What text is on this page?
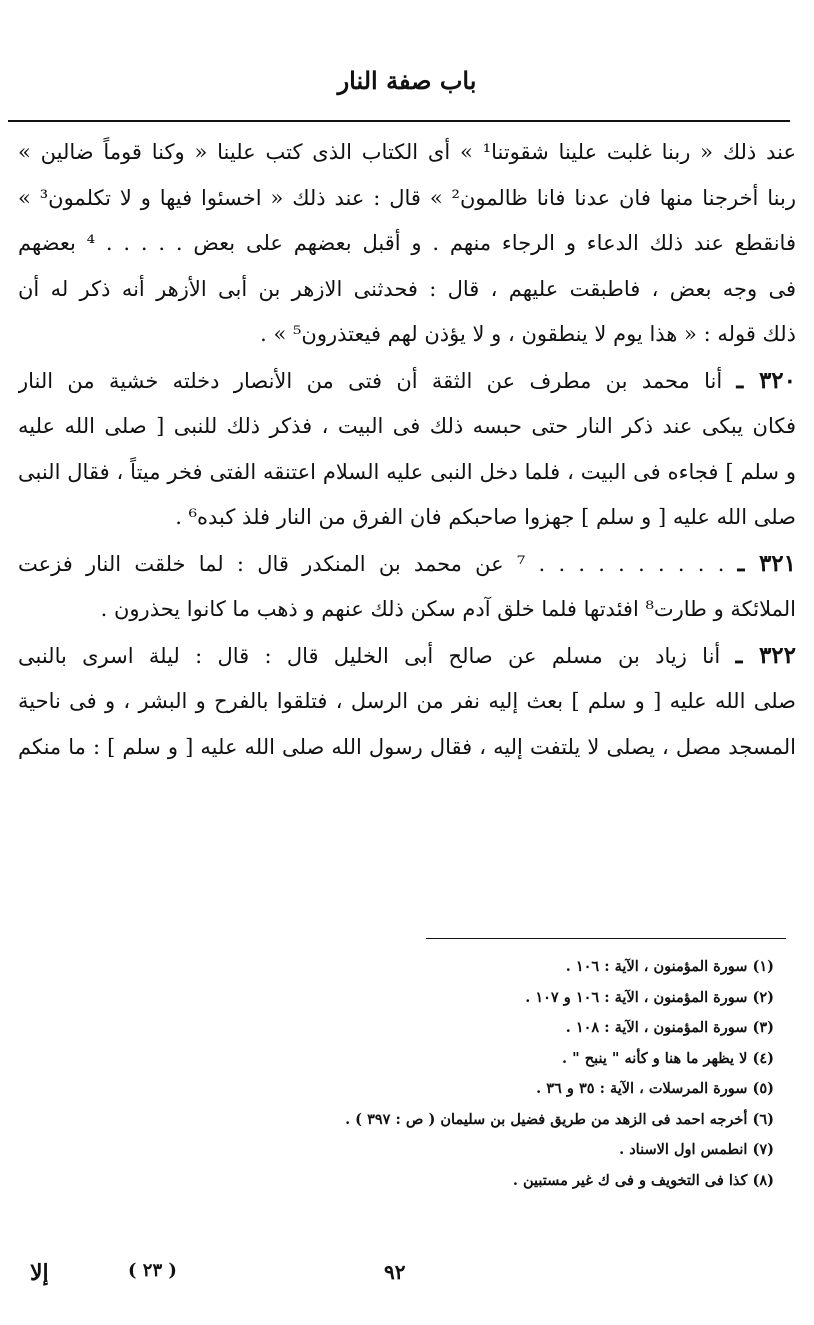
باب صفة النار
عند ذلك « ربنا غلبت علينا شقوتنا¹ » أى الكتاب الذى كتب علينا « وكنا قوماً ضالين »
ربنا أخرجنا منها فان عدنا فانا ظالمون² » قال : عند ذلك « اخسئوا فيها و لا تكلمون³ »
فانقطع عند ذلك الدعاء و الرجاء منهم . و أقبل بعضهم على بعض . . . . . ⁴ بعضهم
فى وجه بعض ، فاطبقت عليهم ، قال : فحدثنى الازهر بن أبى الأزهر أنه ذكر له أن
ذلك قوله : « هذا يوم لا ينطقون ، و لا يؤذن لهم فيعتذرون⁵ » .
٣٢٠ ـ أنا محمد بن مطرف عن الثقة أن فتى من الأنصار دخلته خشية من النار
فكان يبكى عند ذكر النار حتى حبسه ذلك فى البيت ، فذكر ذلك للنبى [ صلى الله عليه
و سلم ] فجاءه فى البيت ، فلما دخل النبى عليه السلام اعتنقه الفتى فخر ميتاً ، فقال النبى
صلى الله عليه [ و سلم ] جهزوا صاحبكم فان الفرق من النار فلذ كبده⁶ .
٣٢١ ـ . . . . . . . . . . ⁷ عن محمد بن المنكدر قال : لما خلقت النار فزعت
الملائكة و طارت⁸ افئدتها فلما خلق آدم سكن ذلك عنهم و ذهب ما كانوا يحذرون .
٣٢٢ ـ أنا زياد بن مسلم عن صالح أبى الخليل قال : قال : ليلة اسرى بالنبى
صلى الله عليه [ و سلم ] بعث إليه نفر من الرسل ، فتلقوا بالفرح و البشر ، و فى ناحية
المسجد مصل ، يصلى لا يلتفت إليه ، فقال رسول الله صلى الله عليه [ و سلم ] : ما منكم
(١) سورة المؤمنون ، الآية : ١٠٦ .
(٢) سورة المؤمنون ، الآية : ١٠٦ و ١٠٧ .
(٣) سورة المؤمنون ، الآية : ١٠٨ .
(٤) لا يظهر ما هنا و كأنه " ينبح " .
(٥) سورة المرسلات ، الآية : ٣٥ و ٣٦ .
(٦) أخرجه احمد فى الزهد من طريق فضيل بن سليمان ( ص : ٣٩٧ ) .
(٧) انطمس اول الاسناد .
(٨) كذا فى التخويف و فى ك غير مستبين .
إلا	( ٢٣ )	٩٢
